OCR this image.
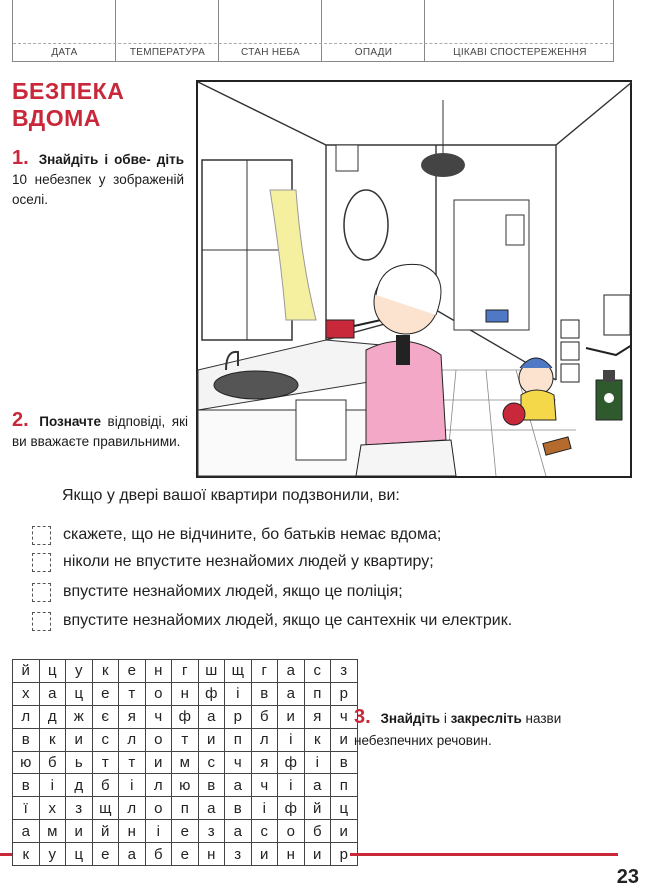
ДАТА	ТЕМПЕРАТУРА	СТАН НЕБА	ОПАДИ	ЦІКАВІ СПОСТЕРЕЖЕННЯ
БЕЗПЕКА
ВДОМА
1. Знайдіть і обве- діть 10 небезпек у зображеній оселі.
2. Позначте відповіді, які ви вважаєте правильними.
Якщо у двері вашої квартири подзвонили, ви:
скажете, що не відчините, бо батьків немає вдома;
ніколи не впустите незнайомих людей у квартиру;
впустите незнайомих людей, якщо це поліція;
впустите незнайомих людей, якщо це сантехнік чи електрик.
й	ц	у	к	е	н	г	ш	щ	г	а	с	з
х	а	ц	е	т	о	н	ф	і	в	а	п	р
л	д	ж	є	я	ч	ф	а	р	б	и	я	ч
в	к	и	с	л	о	т	и	п	л	і	к	и
ю	б	ь	т	т	и	м	с	ч	я	ф	і	в
в	і	д	б	і	л	ю	в	а	ч	і	а	п
ї	х	з	щ	л	о	п	а	в	і	ф	й	ц
а	м	и	й	н	і	е	з	а	с	о	б	и
к	у	ц	е	а	б	е	н	з	и	н	и	р
3. Знайдіть і закресліть назви небезпечних речовин.
23
